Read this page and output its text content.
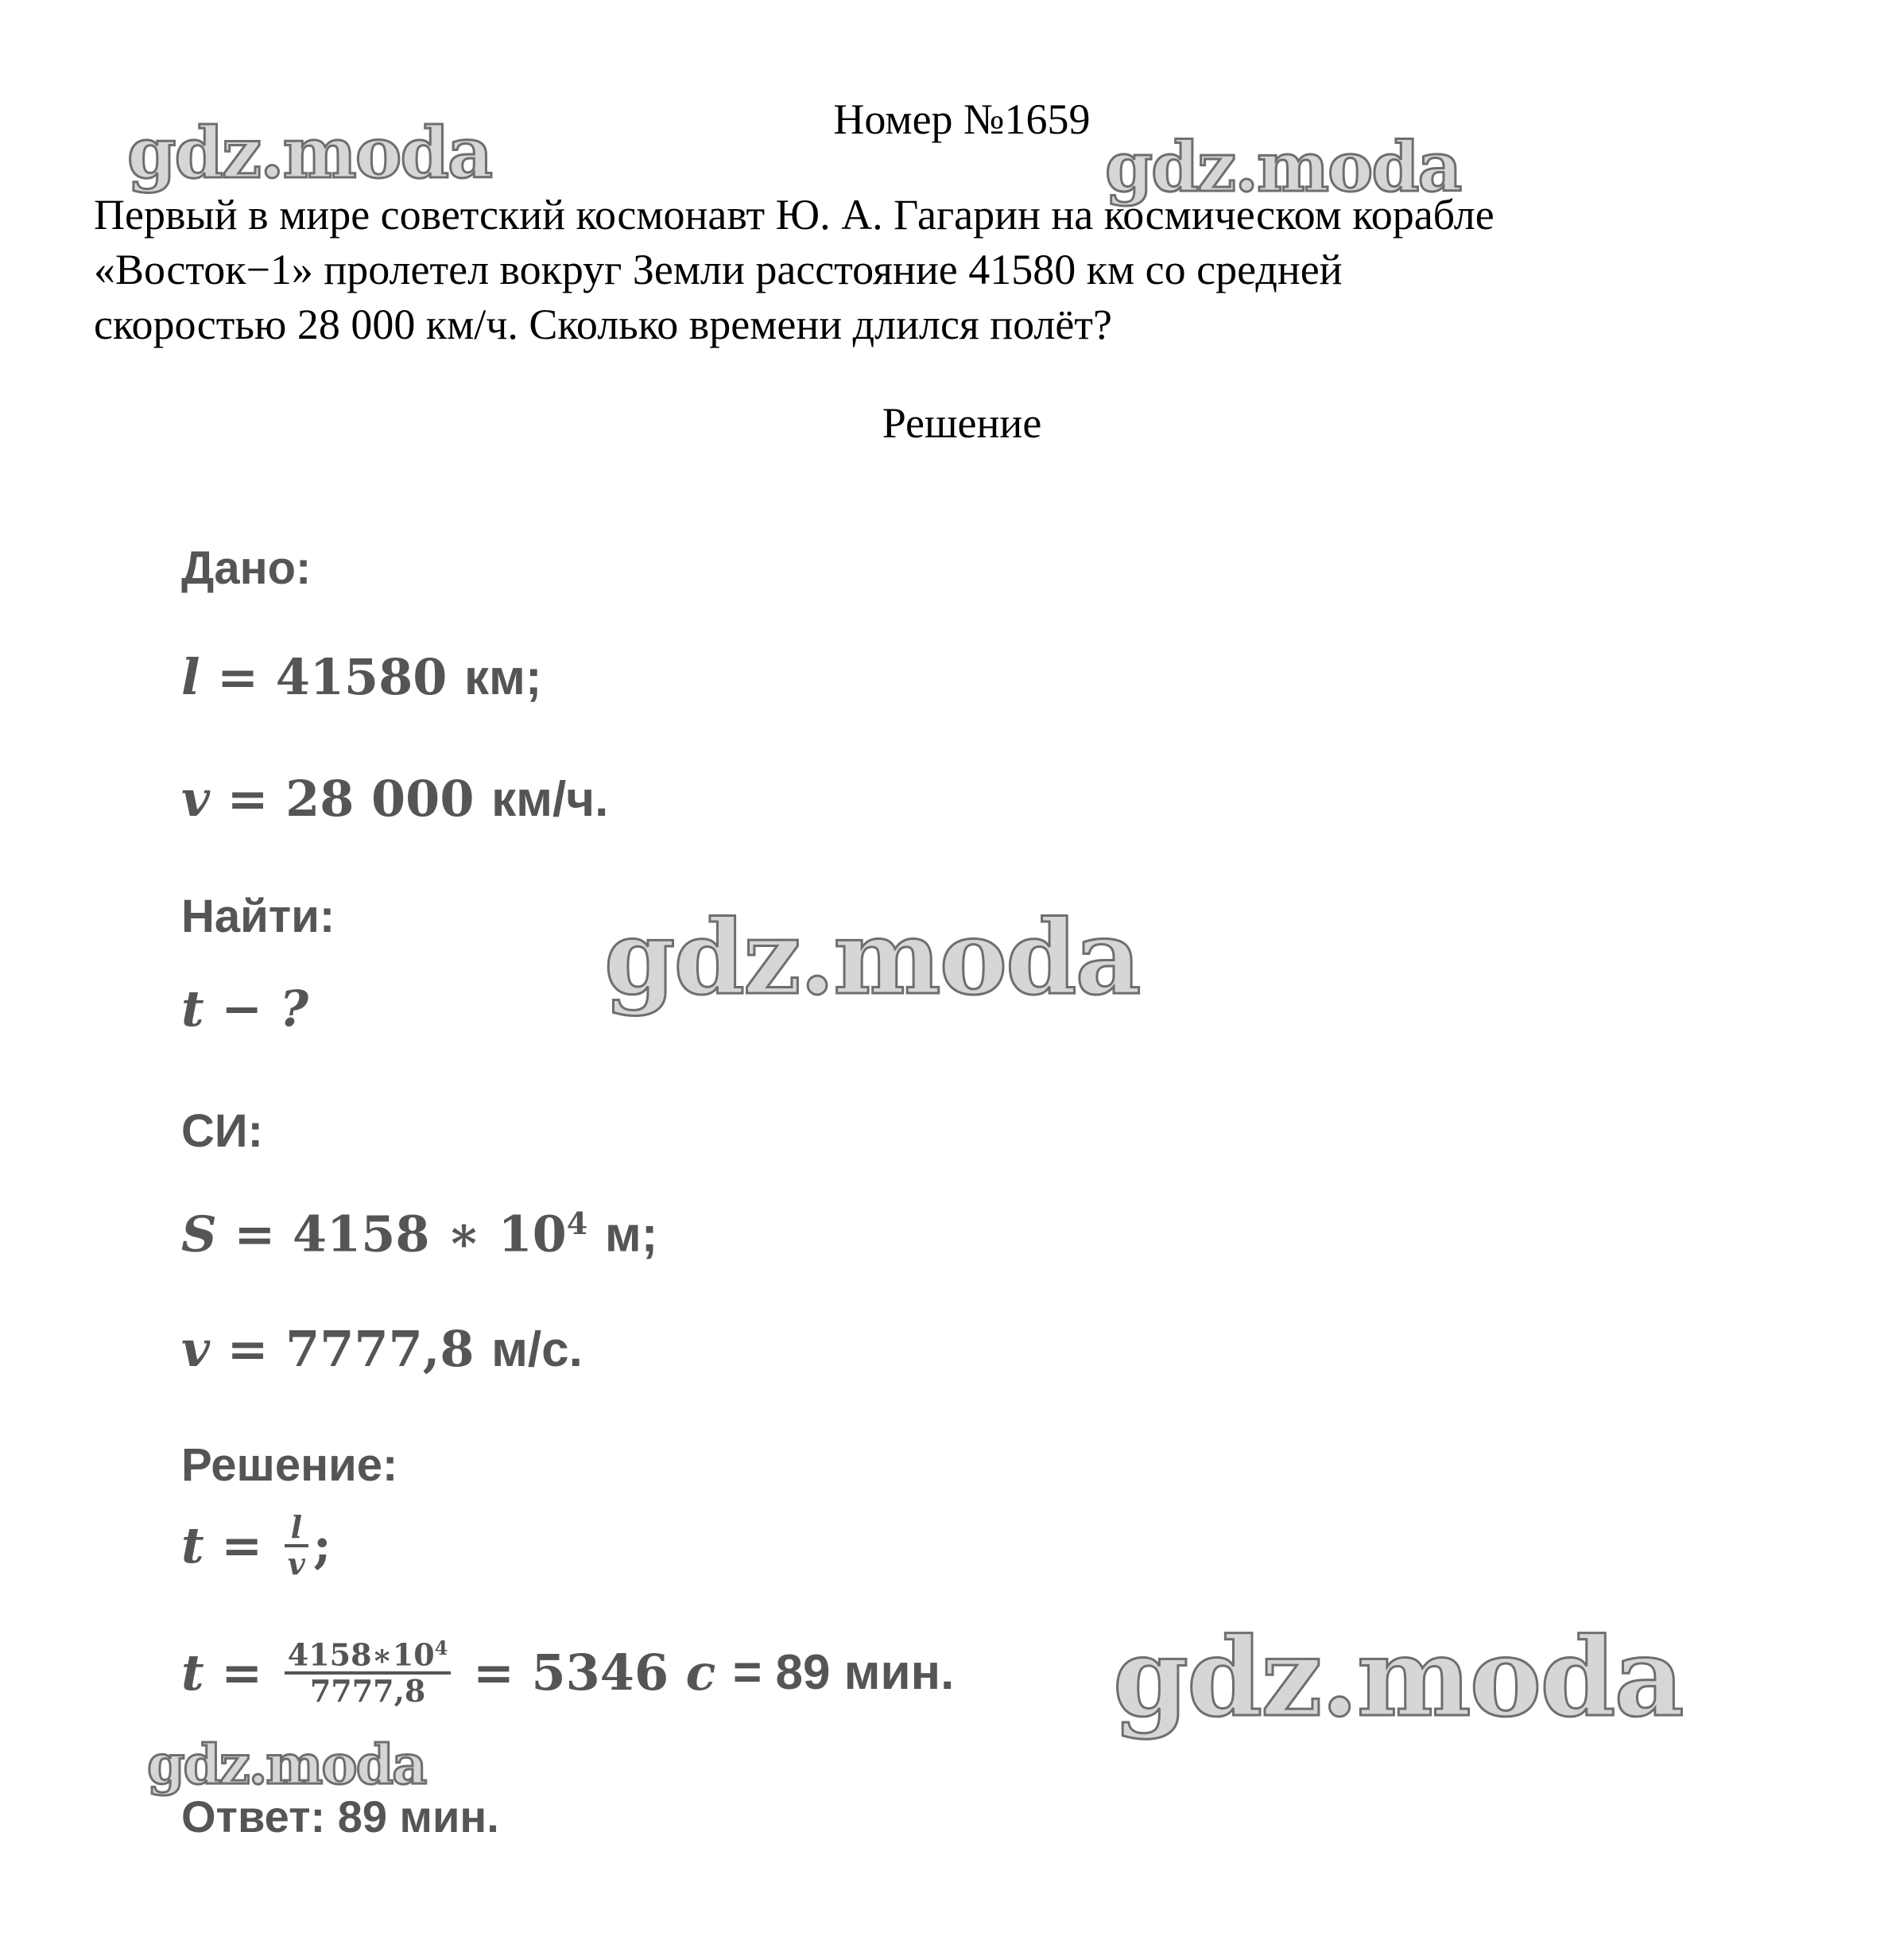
Номер №1659
Первый в мире советский космонавт Ю. А. Гагарин на космическом корабле
«Восток−1» пролетел вокруг Земли расстояние 41580 км со средней
скоростью 28 000 км/ч. Сколько времени длился полёт?
Решение
Дано:
l = 41580 км;
v = 28 000 км/ч.
Найти:
t − ?
СИ:
S = 4158 ∗ $10^4$ м;
v = 7777,8 м/с.
Решение:
$t = \frac{l}{v}$ ;
$t = \frac{4158∗10^4}{7777,8} = 5346$ c = 89 мин.
Ответ: 89 мин.
gdz.moda	gdz.moda
gdz.moda
gdz.moda
gdz.moda
